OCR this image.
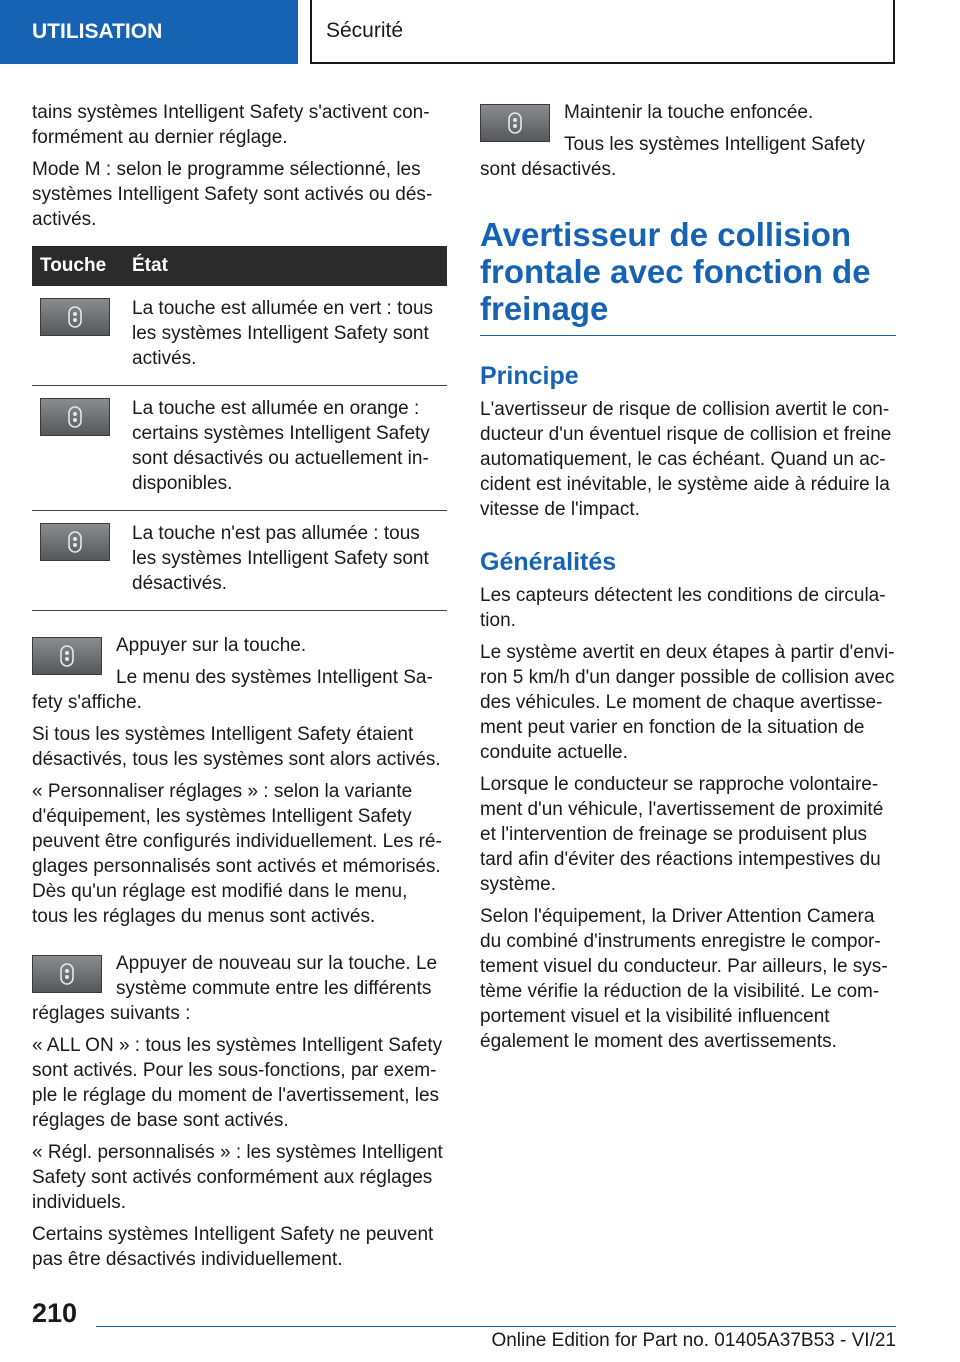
UTILISATION	Sécurité

tains systèmes Intelligent Safety s'activent conformément au dernier réglage.

Mode M : selon le programme sélectionné, les systèmes Intelligent Safety sont activés ou désactivés.

Touche	État

	La touche est allumée en vert : tous les systèmes Intelligent Safety sont activés.

	La touche est allumée en orange : certains systèmes Intelligent Safety sont désactivés ou actuellement indisponibles.

	La touche n'est pas allumée : tous les systèmes Intelligent Safety sont désactivés.

Appuyer sur la touche.

Le menu des systèmes Intelligent Safety s'affiche.

Si tous les systèmes Intelligent Safety étaient désactivés, tous les systèmes sont alors activés.

« Personnaliser réglages » : selon la variante d'équipement, les systèmes Intelligent Safety peuvent être configurés individuellement. Les réglages personnalisés sont activés et mémorisés. Dès qu'un réglage est modifié dans le menu, tous les réglages du menus sont activés.

Appuyer de nouveau sur la touche. Le système commute entre les différents réglages suivants :

« ALL ON » : tous les systèmes Intelligent Safety sont activés. Pour les sous-fonctions, par exemple le réglage du moment de l'avertissement, les réglages de base sont activés.

« Régl. personnalisés » : les systèmes Intelligent Safety sont activés conformément aux réglages individuels.

Certains systèmes Intelligent Safety ne peuvent pas être désactivés individuellement.

Maintenir la touche enfoncée.

Tous les systèmes Intelligent Safety sont désactivés.

Avertisseur de collision frontale avec fonction de freinage
Principe

L'avertisseur de risque de collision avertit le conducteur d'un éventuel risque de collision et freine automatiquement, le cas échéant. Quand un accident est inévitable, le système aide à réduire la vitesse de l'impact.

Généralités

Les capteurs détectent les conditions de circulation.

Le système avertit en deux étapes à partir d'environ 5 km/h d'un danger possible de collision avec des véhicules. Le moment de chaque avertissement peut varier en fonction de la situation de conduite actuelle.

Lorsque le conducteur se rapproche volontairement d'un véhicule, l'avertissement de proximité et l'intervention de freinage se produisent plus tard afin d'éviter des réactions intempestives du système.

Selon l'équipement, la Driver Attention Camera du combiné d'instruments enregistre le comportement visuel du conducteur. Par ailleurs, le système vérifie la réduction de la visibilité. Le comportement visuel et la visibilité influencent également le moment des avertissements.

210
Online Edition for Part no. 01405A37B53 - VI/21
